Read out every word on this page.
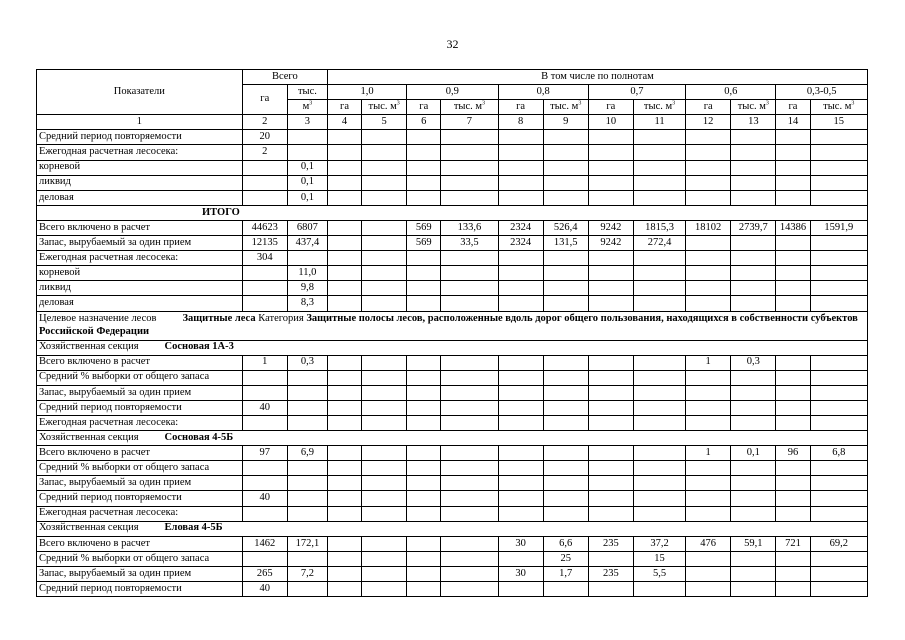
32
Показатели	Всего		В том числе по полнотам											
	га	тыс.	1,0		0,9		0,8		0,7		0,6		0,3-0,5	
		$м^3$	га	тыс. $м^3$	га	тыс. $м^3$	га	тыс. $м^3$	га	тыс. $м^3$	га	тыс. $м^3$	га	тыс. $м^3$
1	2	3	4	5	6	7	8	9	10	11	12	13	14	15
Средний период повторяемости	20													
Ежегодная расчетная лесосека:	2													
корневой		0,1												
ликвид		0,1												
деловая		0,1												
ИТОГО														
Всего включено в расчет	44623	6807			569	133,6	2324	526,4	9242	1815,3	18102	2739,7	14386	1591,9
Запас, вырубаемый за один прием	12135	437,4			569	33,5	2324	131,5	9242	272,4				
Ежегодная расчетная лесосека:	304													
корневой		11,0												
ликвид		9,8												
деловая		8,3												
Целевое назначение лесов Защитные леса Категория Защитные полосы лесов, расположенные вдоль дорог общего пользования, находящихся в собственности субъектов Российской Федерации														
Хозяйственная секция Сосновая 1А-3														
Всего включено в расчет	1	0,3									1	0,3		
Средний % выборки от общего запаса														
Запас, вырубаемый за один прием														
Средний период повторяемости	40													
Ежегодная расчетная лесосека:														
Хозяйственная секция Сосновая 4-5Б														
Всего включено в расчет	97	6,9									1	0,1	96	6,8
Средний % выборки от общего запаса														
Запас, вырубаемый за один прием														
Средний период повторяемости	40													
Ежегодная расчетная лесосека:														
Хозяйственная секция Еловая 4-5Б														
Всего включено в расчет	1462	172,1					30	6,6	235	37,2	476	59,1	721	69,2
Средний % выборки от общего запаса								25		15				
Запас, вырубаемый за один прием	265	7,2					30	1,7	235	5,5				
Средний период повторяемости	40													
